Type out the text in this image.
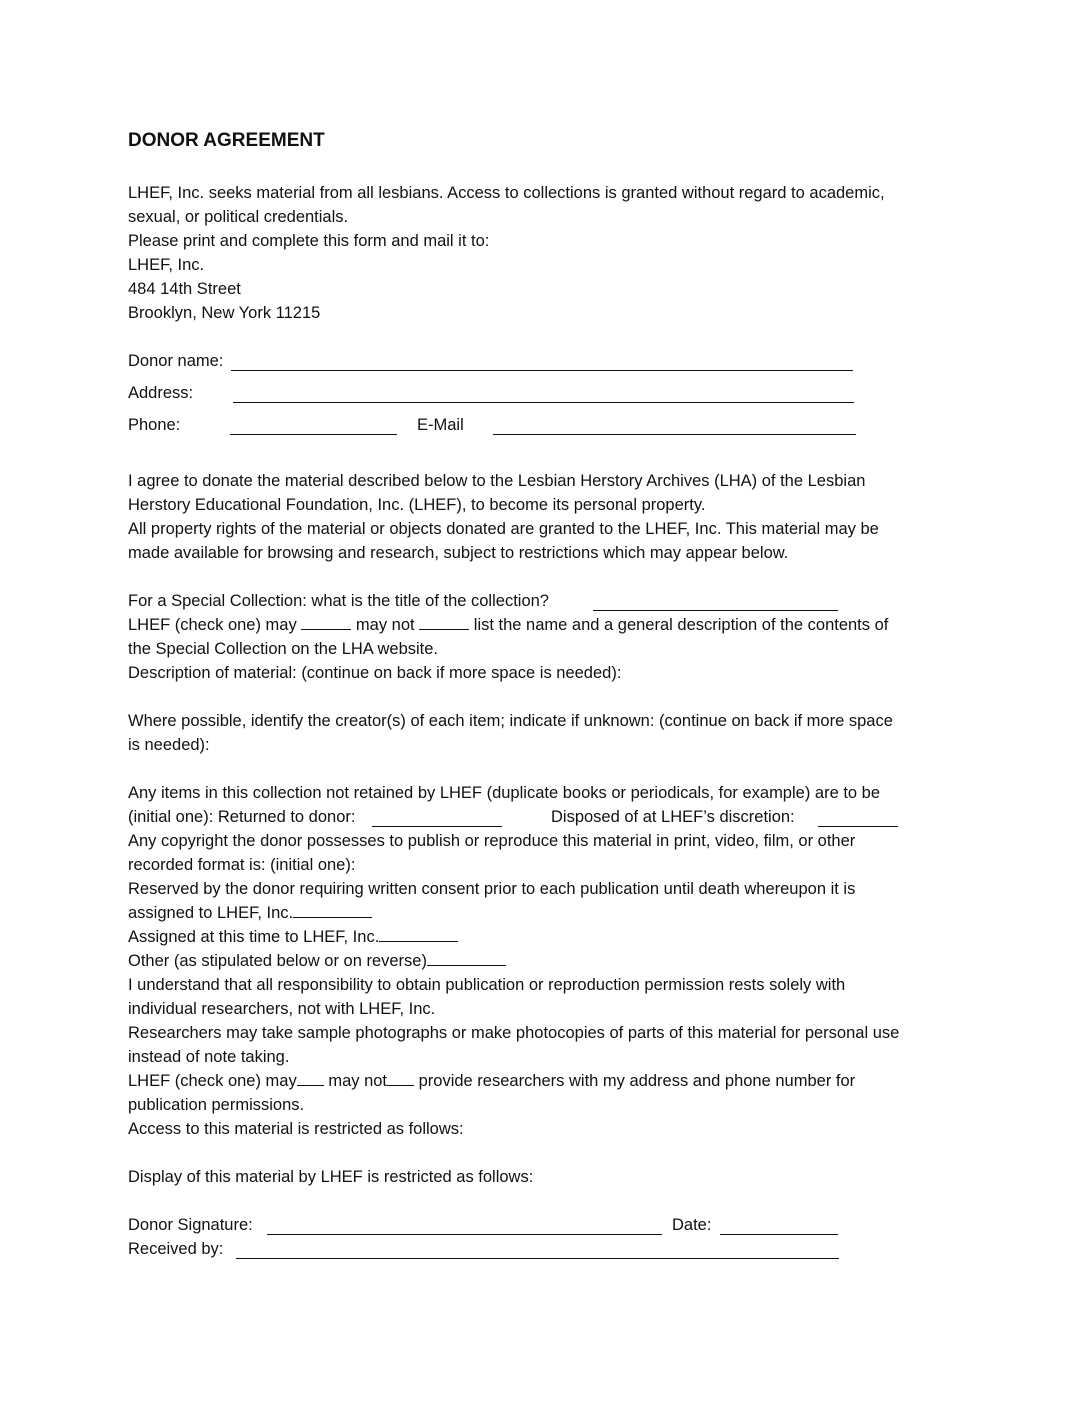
DONOR AGREEMENT
LHEF, Inc. seeks material from all lesbians. Access to collections is granted without regard to academic,
sexual, or political credentials.
Please print and complete this form and mail it to:
LHEF, Inc.
484 14th Street
Brooklyn, New York 11215
Donor name:
Address:
Phone:	E-Mail
I agree to donate the material described below to the Lesbian Herstory Archives (LHA) of the Lesbian
Herstory Educational Foundation, Inc. (LHEF), to become its personal property.
All property rights of the material or objects donated are granted to the LHEF, Inc. This material may be
made available for browsing and research, subject to restrictions which may appear below.
For a Special Collection: what is the title of the collection?
LHEF (check one) may	may not	list the name and a general description of the contents of
the Special Collection on the LHA website.
Description of material: (continue on back if more space is needed):
Where possible, identify the creator(s) of each item; indicate if unknown: (continue on back if more space
is needed):
Any items in this collection not retained by LHEF (duplicate books or periodicals, for example) are to be
(initial one): Returned to donor:	Disposed of at LHEF’s discretion:
Any copyright the donor possesses to publish or reproduce this material in print, video, film, or other
recorded format is: (initial one):
Reserved by the donor requiring written consent prior to each publication until death whereupon it is
assigned to LHEF, Inc.
Assigned at this time to LHEF, Inc.
Other (as stipulated below or on reverse)
I understand that all responsibility to obtain publication or reproduction permission rests solely with
individual researchers, not with LHEF, Inc.
Researchers may take sample photographs or make photocopies of parts of this material for personal use
instead of note taking.
LHEF (check one) may may not provide researchers with my address and phone number for
publication permissions.
Access to this material is restricted as follows:
Display of this material by LHEF is restricted as follows:
Donor Signature:	Date:
Received by:
